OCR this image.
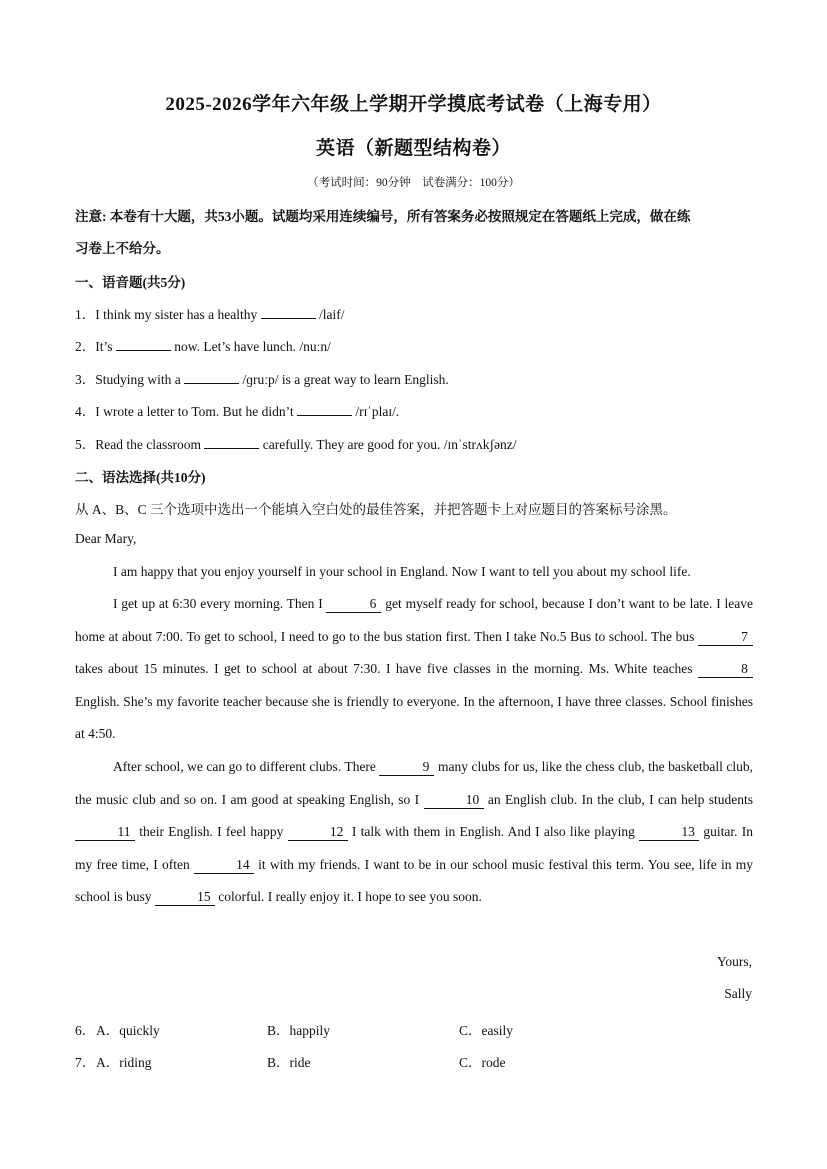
2025-2026学年六年级上学期开学摸底考试卷（上海专用）
英语（新题型结构卷）
（考试时间：90分钟　试卷满分：100分）
注意: 本卷有十大题，共53小题。试题均采用连续编号，所有答案务必按照规定在答题纸上完成，做在练
习卷上不给分。
一、语音题(共5分)
1．I think my sister has a healthy	/laif/
2．It’s	now. Let’s have lunch. /nuːn/
3．Studying with a	/ɡruːp/ is a great way to learn English.
4．I wrote a letter to Tom. But he didn’t	/rɪˈplaɪ/.
5．Read the classroom	carefully. They are good for you. /ɪnˈstrʌkʃənz/
二、语法选择(共10分)
从 A、B、C 三个选项中选出一个能填入空白处的最佳答案，并把答题卡上对应题目的答案标号涂黑。
Dear Mary,
I am happy that you enjoy yourself in your school in England. Now I want to tell you about my school life.
I get up at 6:30 every morning. Then I	6 get myself ready for school, because I don’t want to be late. I leave home at about 7:00. To get to school, I need to go to the bus station first. Then I take No.5 Bus to school. The bus	7 takes about 15 minutes. I get to school at about 7:30. I have five classes in the morning. Ms. White teaches	8 English. She’s my favorite teacher because she is friendly to everyone. In the afternoon, I have three classes. School finishes at 4:50.
After school, we can go to different clubs. There	9 many clubs for us, like the chess club, the basketball club, the music club and so on. I am good at speaking English, so I	10 an English club. In the club, I can help students 11 their English. I feel happy	12 I talk with them in English. And I also like playing	13 guitar. In my free time, I often	14 it with my friends. I want to be in our school music festival this term. You see, life in my school is busy	15 colorful. I really enjoy it. I hope to see you soon.
Yours,
Sally
6． A．quickly	B．happily	C．easily
7． A．riding	B．ride	C．rode
